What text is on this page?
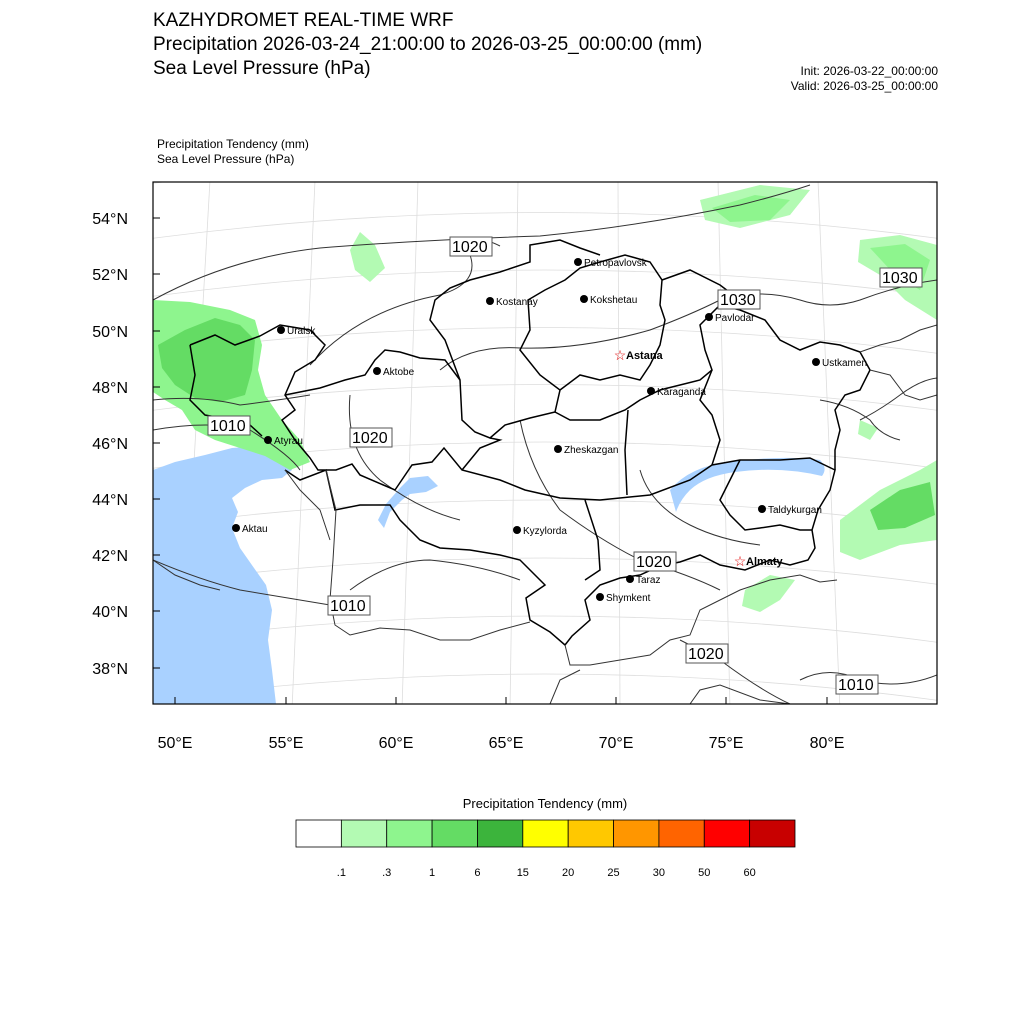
KAZHYDROMET REAL-TIME WRF
Precipitation 2026-03-24_21:00:00 to 2026-03-25_00:00:00 (mm)
Sea Level Pressure (hPa)	Init: 2026-03-22_00:00:00
Valid: 2026-03-25_00:00:00
Precipitation Tendency (mm)
Sea Level Pressure (hPa)
54°N
52°N
50°N
48°N
46°N
44°N
42°N
40°N
38°N
50°E	55°E	60°E	65°E	70°E	75°E	80°E
1020
1030
1030
1010
1020
1020
1010
1020
1010
Petropavlovsk
Kostanay	Kokshetau
Pavlodar
Uralsk
☆ Astana
Ustkamen
Aktobe
Karaganda
Atyrau
Zheskazgan
Aktau	Kyzylorda
Taldykurgan
☆ Almaty
Taraz
Shymkent
Precipitation Tendency (mm)
.1	.3	1	6	15	20	25	30	50	60
